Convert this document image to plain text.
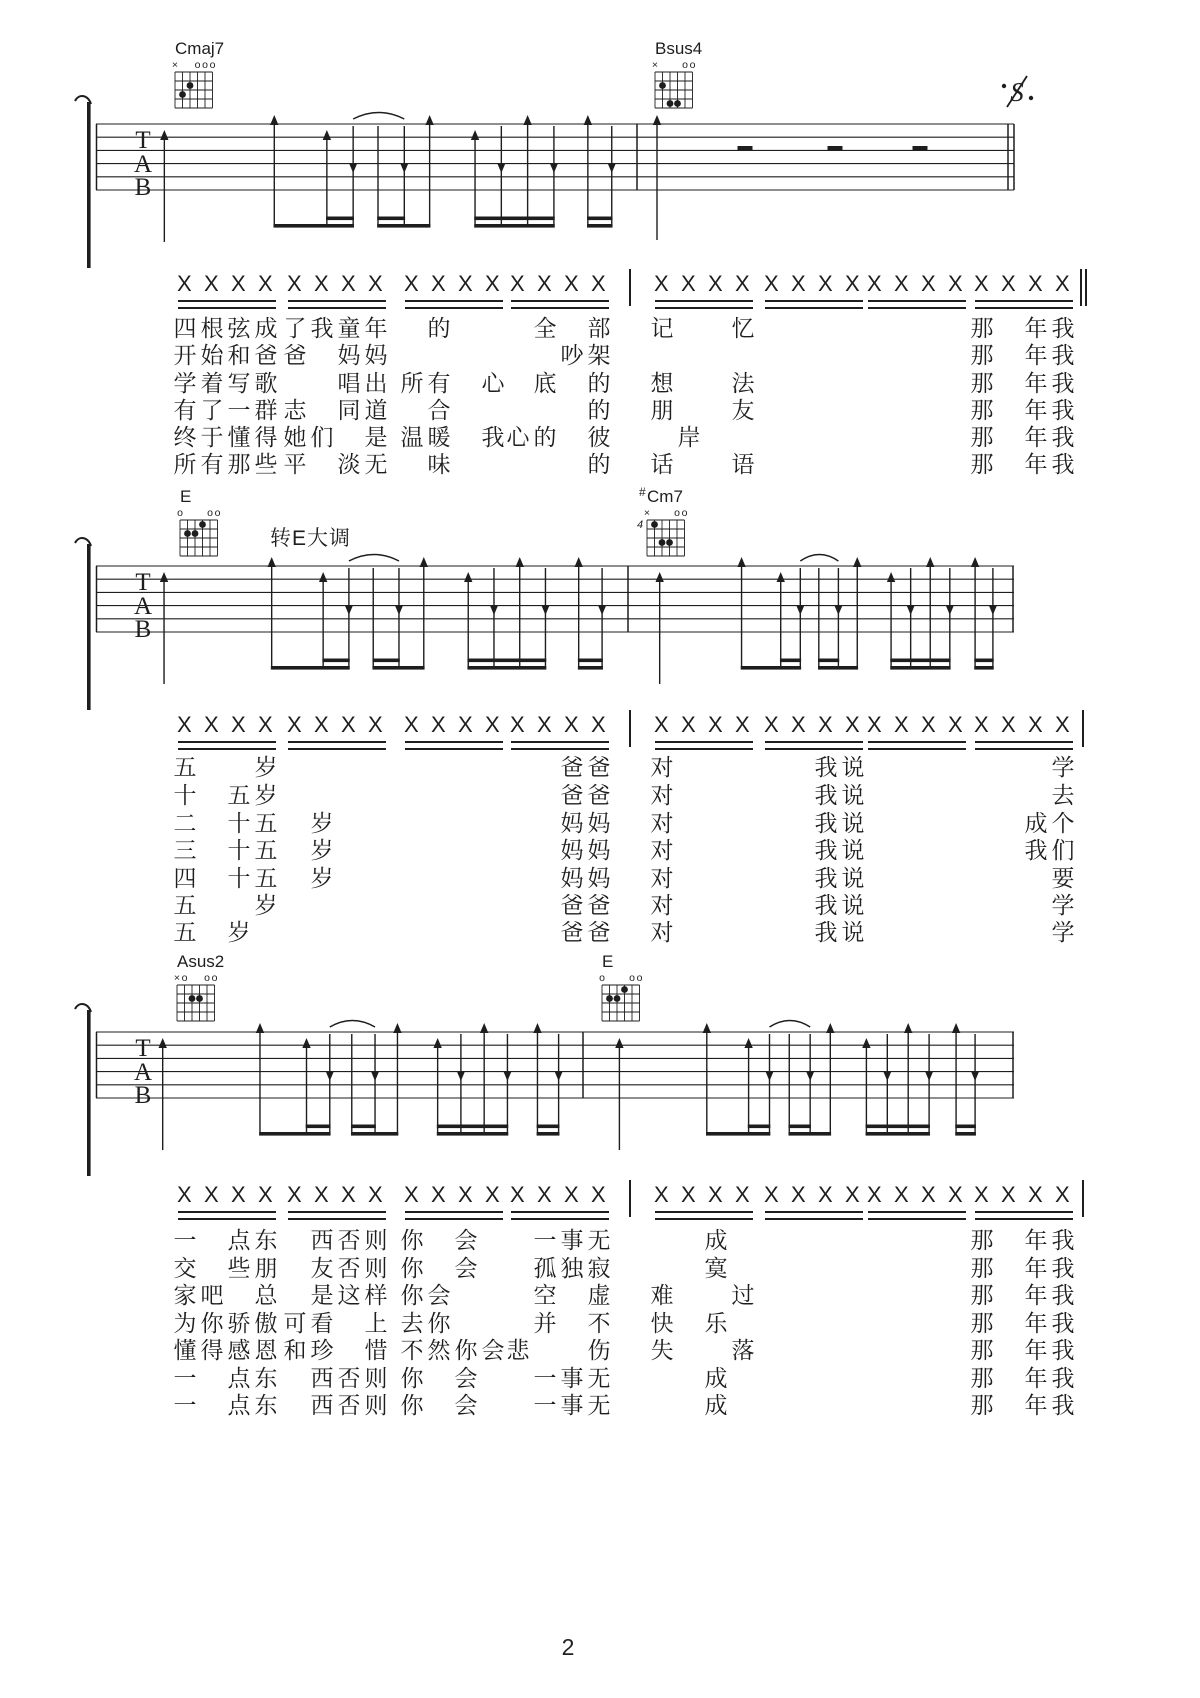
T
A
B
Cmaj7
× o o o
Bsus4
× o o
S
X X X X X X X X X X X X X X X X X X X X X X X X X X X X X X X X
四 根 弦 成 了 我 童 年 的	全 部 记	忆	那 年 我
开 始 和 爸 爸 妈 妈	吵 架	那 年 我
学 着 写 歌	唱 出 所 有 心 底 的 想	法	那 年 我
有 了 一 群 志 同 道 合	的 朋	友	那 年 我
终 于 懂 得 她 们 是 温 暖 我 心 的 彼	岸	那 年 我
所 有 那 些 平 淡 无 味	的 话	语	那 年 我
T
A
B
E
o o o
Cm7
#
× o o
4
转E大调
X X X X X X X X X X X X X X X X X X X X X X X X X X X X X X X X
五	岁	爸 爸 对	我 说	学
十 五 岁	爸 爸 对	我 说	去
二 十 五 岁	妈 妈 对	我 说	成 个
三 十 五 岁	妈 妈 对	我 说	我 们
四 十 五 岁	妈 妈 对	我 说	要
五	岁	爸 爸 对	我 说	学
五 岁	爸 爸 对	我 说	学
T
A
B
Asus2
× o o o
E
o o o
X X X X X X X X X X X X X X X X X X X X X X X X X X X X X X X X
一 点 东 西 否 则 你 会 一 事 无	成	那 年 我
交 些 朋 友 否 则 你 会 孤 独 寂	寞	那 年 我
家 吧 总 是 这 样 你 会	空 虚 难	过	那 年 我
为 你 骄 傲 可 看 上 去 你	并 不 快 乐	那 年 我
懂 得 感 恩 和 珍 惜 不 然 你 会 悲	伤 失	落	那 年 我
一 点 东 西 否 则 你 会 一 事 无	成	那 年 我
一 点 东 西 否 则 你 会 一 事 无	成	那 年 我
2
